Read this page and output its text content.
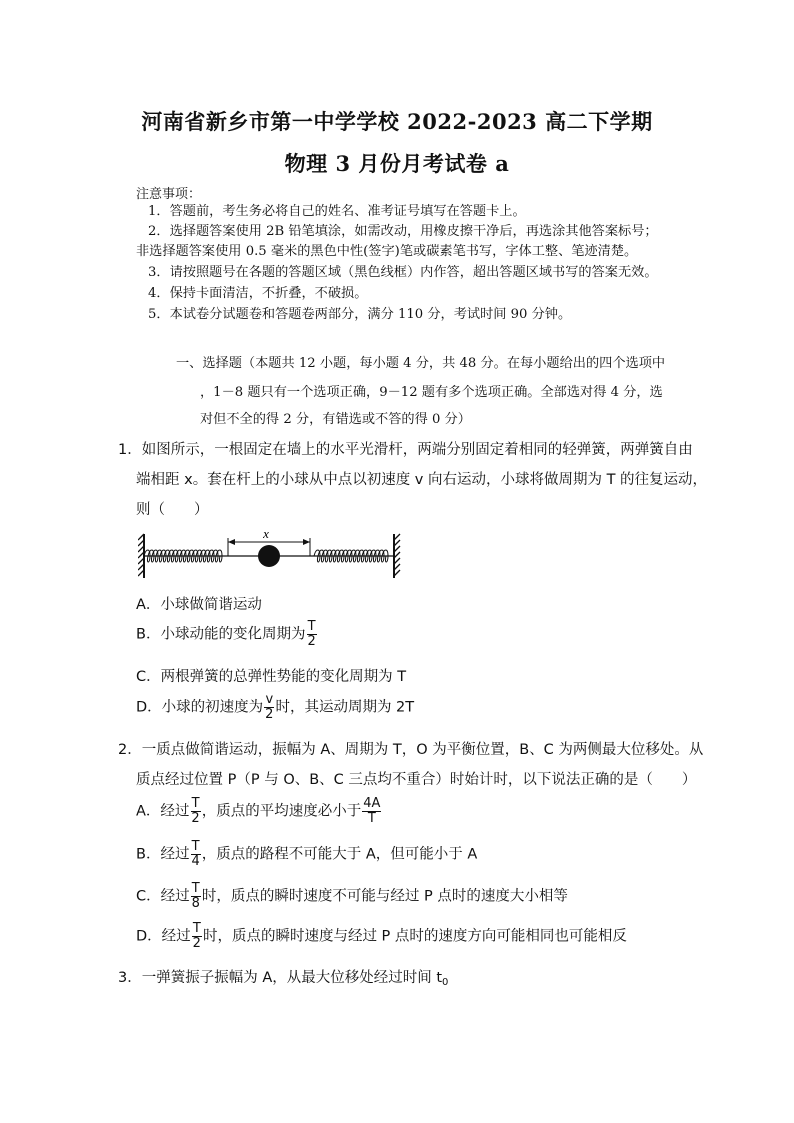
河南省新乡市第一中学学校 2022-2023 高二下学期
物理 3 月份月考试卷 a
注意事项：
1．答题前，考生务必将自己的姓名、准考证号填写在答题卡上。
2．选择题答案使用 2B 铅笔填涂，如需改动，用橡皮擦干净后，再选涂其他答案标号；
非选择题答案使用 0.5 毫米的黑色中性(签字)笔或碳素笔书写，字体工整、笔迹清楚。
3．请按照题号在各题的答题区域（黑色线框）内作答，超出答题区域书写的答案无效。
4．保持卡面清洁，不折叠，不破损。
5．本试卷分试题卷和答题卷两部分，满分 110 分，考试时间 90 分钟。
一、选择题（本题共 12 小题，每小题 4 分，共 48 分。在每小题给出的四个选项中
，1－8 题只有一个选项正确，9－12 题有多个选项正确。全部选对得 4 分，选
对但不全的得 2 分，有错选或不答的得 0 分）
1．如图所示，一根固定在墙上的水平光滑杆，两端分别固定着相同的轻弹簧，两弹簧自由
端相距 x。套在杆上的小球从中点以初速度 v 向右运动，小球将做周期为 T 的往复运动，
则（　　）
x
A．小球做简谐运动
B．小球动能的变化周期为 $\frac{T}{2}$
C．两根弹簧的总弹性势能的变化周期为 T
D．小球的初速度为 $\frac{v}{2}$ 时，其运动周期为 2T
2．一质点做简谐运动，振幅为 A、周期为 T，O 为平衡位置，B、C 为两侧最大位移处。从
质点经过位置 P（P 与 O、B、C 三点均不重合）时始计时，以下说法正确的是（　　）
A．经过 $\frac{T}{2}$ ，质点的平均速度必小于 $\frac{4A}{T}$
B．经过 $\frac{T}{4}$ ，质点的路程不可能大于 A，但可能小于 A
C．经过 $\frac{T}{8}$ 时，质点的瞬时速度不可能与经过 P 点时的速度大小相等
D．经过 $\frac{T}{2}$ 时，质点的瞬时速度与经过 P 点时的速度方向可能相同也可能相反
3．一弹簧振子振幅为 A，从最大位移处经过时间 $t_0$
